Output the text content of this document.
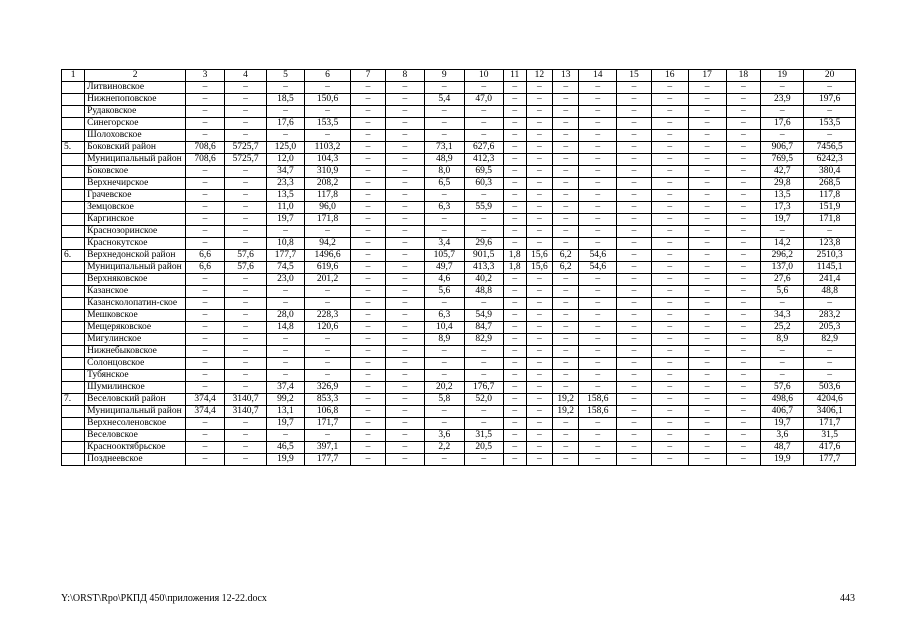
1	2	3	4	5	6	7	8	9	10	11	12	13	14	15	16	17	18	19	20
	Литвиновское	–	–	–	–	–	–	–	–	–	–	–	–	–	–	–	–	–	–
	Нижнепоповское	–	–	18,5	150,6	–	–	5,4	47,0	–	–	–	–	–	–	–	–	23,9	197,6
	Рудаковское	–	–	–	–	–	–	–	–	–	–	–	–	–	–	–	–	–	–
	Синегорское	–	–	17,6	153,5	–	–	–	–	–	–	–	–	–	–	–	–	17,6	153,5
	Шолоховское	–	–	–	–	–	–	–	–	–	–	–	–	–	–	–	–	–	–
5.	Боковский район	708,6	5725,7	125,0	1103,2	–	–	73,1	627,6	–	–	–	–	–	–	–	–	906,7	7456,5
	Муниципальный район	708,6	5725,7	12,0	104,3	–	–	48,9	412,3	–	–	–	–	–	–	–	–	769,5	6242,3
	Боковское	–	–	34,7	310,9	–	–	8,0	69,5	–	–	–	–	–	–	–	–	42,7	380,4
	Верхнечирское	–	–	23,3	208,2	–	–	6,5	60,3	–	–	–	–	–	–	–	–	29,8	268,5
	Грачевское	–	–	13,5	117,8	–	–	–	–	–	–	–	–	–	–	–	–	13,5	117,8
	Земцовское	–	–	11,0	96,0	–	–	6,3	55,9	–	–	–	–	–	–	–	–	17,3	151,9
	Каргинское	–	–	19,7	171,8	–	–	–	–	–	–	–	–	–	–	–	–	19,7	171,8
	Краснозоринское	–	–	–	–	–	–	–	–	–	–	–	–	–	–	–	–	–	–
	Краснокутское	–	–	10,8	94,2	–	–	3,4	29,6	–	–	–	–	–	–	–	–	14,2	123,8
6.	Верхнедонской район	6,6	57,6	177,7	1496,6	–	–	105,7	901,5	1,8	15,6	6,2	54,6	–	–	–	–	296,2	2510,3
	Муниципальный район	6,6	57,6	74,5	619,6	–	–	49,7	413,3	1,8	15,6	6,2	54,6	–	–	–	–	137,0	1145,1
	Верхняковское	–	–	23,0	201,2	–	–	4,6	40,2	–	–	–	–	–	–	–	–	27,6	241,4
	Казанское	–	–	–	–	–	–	5,6	48,8	–	–	–	–	–	–	–	–	5,6	48,8
	Казансколопатин-ское	–	–	–	–	–	–	–	–	–	–	–	–	–	–	–	–	–	–
	Мешковское	–	–	28,0	228,3	–	–	6,3	54,9	–	–	–	–	–	–	–	–	34,3	283,2
	Мещеряковское	–	–	14,8	120,6	–	–	10,4	84,7	–	–	–	–	–	–	–	–	25,2	205,3
	Мигулинское	–	–	–	–	–	–	8,9	82,9	–	–	–	–	–	–	–	–	8,9	82,9
	Нижнебыковское	–	–	–	–	–	–	–	–	–	–	–	–	–	–	–	–	–	–
	Солонцовское	–	–	–	–	–	–	–	–	–	–	–	–	–	–	–	–	–	–
	Тубянское	–	–	–	–	–	–	–	–	–	–	–	–	–	–	–	–	–	–
	Шумилинское	–	–	37,4	326,9	–	–	20,2	176,7	–	–	–	–	–	–	–	–	57,6	503,6
7.	Веселовский район	374,4	3140,7	99,2	853,3	–	–	5,8	52,0	–	–	19,2	158,6	–	–	–	–	498,6	4204,6
	Муниципальный район	374,4	3140,7	13,1	106,8	–	–	–	–	–	–	19,2	158,6	–	–	–	–	406,7	3406,1
	Верхнесоленовское	–	–	19,7	171,7	–	–	–	–	–	–	–	–	–	–	–	–	19,7	171,7
	Веселовское	–	–	–	–	–	–	3,6	31,5	–	–	–	–	–	–	–	–	3,6	31,5
	Краснооктябрьское	–	–	46,5	397,1	–	–	2,2	20,5	–	–	–	–	–	–	–	–	48,7	417,6
	Позднеевское	–	–	19,9	177,7	–	–	–	–	–	–	–	–	–	–	–	–	19,9	177,7
Y:\ORST\Rpo\РКПД 450\приложения 12-22.docx	443
